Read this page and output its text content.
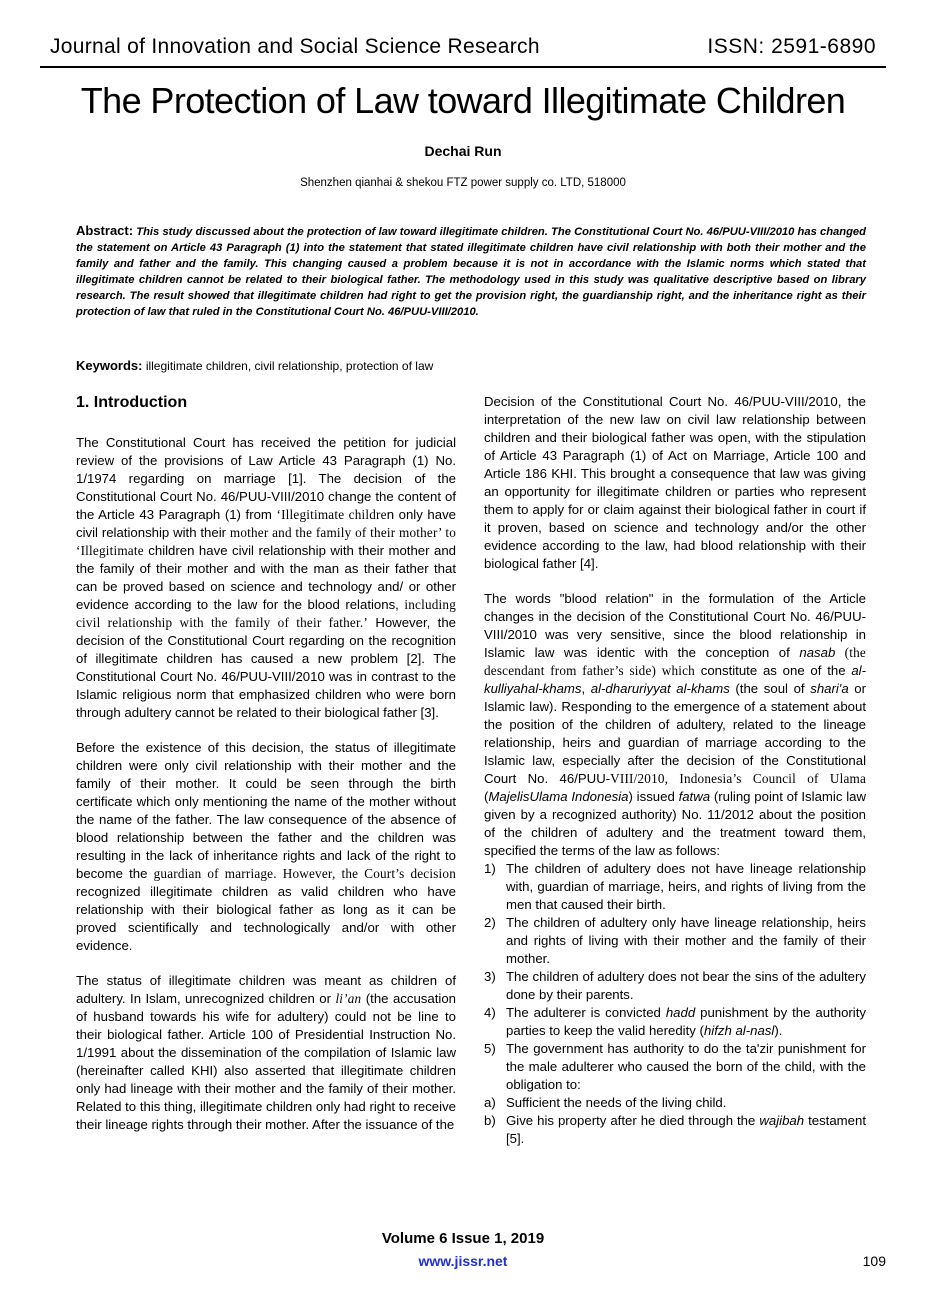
Journal of Innovation and Social Science Research	ISSN: 2591-6890
The Protection of Law toward Illegitimate Children
Dechai Run
Shenzhen qianhai & shekou FTZ power supply co. LTD, 518000
Abstract: This study discussed about the protection of law toward illegitimate children. The Constitutional Court No. 46/PUU-VIII/2010 has changed the statement on Article 43 Paragraph (1) into the statement that stated illegitimate children have civil relationship with both their mother and the family and father and the family. This changing caused a problem because it is not in accordance with the Islamic norms which stated that illegitimate children cannot be related to their biological father. The methodology used in this study was qualitative descriptive based on library research. The result showed that illegitimate children had right to get the provision right, the guardianship right, and the inheritance right as their protection of law that ruled in the Constitutional Court No. 46/PUU-VIII/2010.
Keywords: illegitimate children, civil relationship, protection of law
1. Introduction

The Constitutional Court has received the petition for judicial review of the provisions of Law Article 43 Paragraph (1) No. 1/1974 regarding on marriage [1]. The decision of the Constitutional Court No. 46/PUU-VIII/2010 change the content of the Article 43 Paragraph (1) from ‘Illegitimate children only have civil relationship with their mother and the family of their mother’ to ‘Illegitimate children have civil relationship with their mother and the family of their mother and with the man as their father that can be proved based on science and technology and/ or other evidence according to the law for the blood relations, including civil relationship with the family of their father.’ However, the decision of the Constitutional Court regarding on the recognition of illegitimate children has caused a new problem [2]. The Constitutional Court No. 46/PUU-VIII/2010 was in contrast to the Islamic religious norm that emphasized children who were born through adultery cannot be related to their biological father [3].

Before the existence of this decision, the status of illegitimate children were only civil relationship with their mother and the family of their mother. It could be seen through the birth certificate which only mentioning the name of the mother without the name of the father. The law consequence of the absence of blood relationship between the father and the children was resulting in the lack of inheritance rights and lack of the right to become the guardian of marriage. However, the Court’s decision recognized illegitimate children as valid children who have relationship with their biological father as long as it can be proved scientifically and technologically and/or with other evidence.

The status of illegitimate children was meant as children of adultery. In Islam, unrecognized children or li’an (the accusation of husband towards his wife for adultery) could not be line to their biological father. Article 100 of Presidential Instruction No. 1/1991 about the dissemination of the compilation of Islamic law (hereinafter called KHI) also asserted that illegitimate children only had lineage with their mother and the family of their mother. Related to this thing, illegitimate children only had right to receive their lineage rights through their mother. After the issuance of the

Decision of the Constitutional Court No. 46/PUU-VIII/2010, the interpretation of the new law on civil law relationship between children and their biological father was open, with the stipulation of Article 43 Paragraph (1) of Act on Marriage, Article 100 and Article 186 KHI. This brought a consequence that law was giving an opportunity for illegitimate children or parties who represent them to apply for or claim against their biological father in court if it proven, based on science and technology and/or the other evidence according to the law, had blood relationship with their biological father [4].

The words "blood relation" in the formulation of the Article changes in the decision of the Constitutional Court No. 46/PUU-VIII/2010 was very sensitive, since the blood relationship in Islamic law was identic with the conception of nasab (the descendant from father’s side) which constitute as one of the al-kulliyahal-khams, al-dharuriyyat al-khams (the soul of shari'a or Islamic law). Responding to the emergence of a statement about the position of the children of adultery, related to the lineage relationship, heirs and guardian of marriage according to the Islamic law, especially after the decision of the Constitutional Court No. 46/PUU-VIII/2010, Indonesia’s Council of Ulama (MajelisUlama Indonesia) issued fatwa (ruling point of Islamic law given by a recognized authority) No. 11/2012 about the position of the children of adultery and the treatment toward them, specified the terms of the law as follows:

1) The children of adultery does not have lineage relationship with, guardian of marriage, heirs, and rights of living from the men that caused their birth.
2) The children of adultery only have lineage relationship, heirs and rights of living with their mother and the family of their mother.
3) The children of adultery does not bear the sins of the adultery done by their parents.
4) The adulterer is convicted hadd punishment by the authority parties to keep the valid heredity (hifzh al-nasl).
5) The government has authority to do the ta'zir punishment for the male adulterer who caused the born of the child, with the obligation to:
a) Sufficient the needs of the living child.
b) Give his property after he died through the wajibah testament [5].
Volume 6 Issue 1, 2019
www.jissr.net	109
